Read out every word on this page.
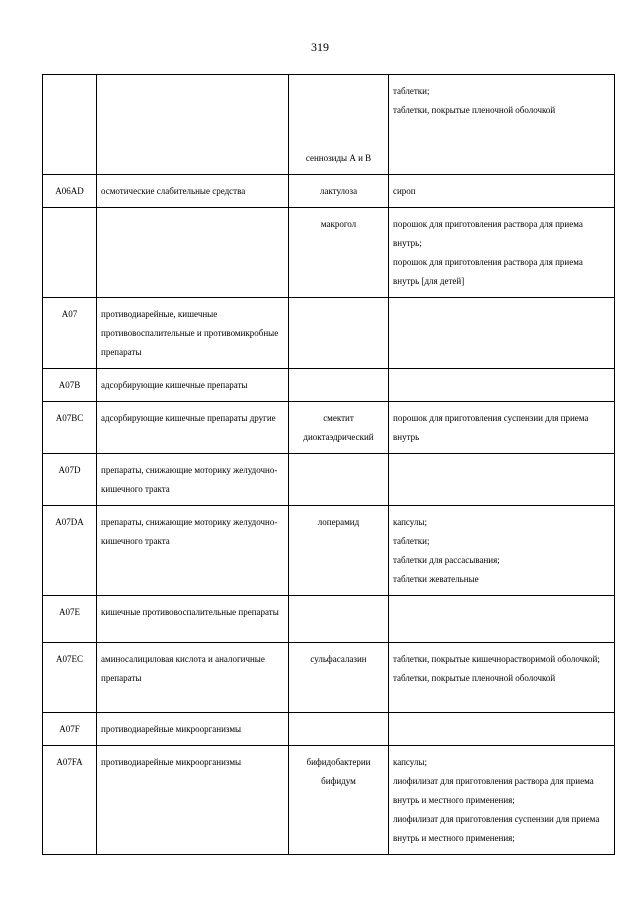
319

		сеннозиды А и В	таблетки;
таблетки, покрытые пленочной оболочкой

A06AD	осмотические слабительные средства	лактулоза	сироп

		макрогол	порошок для приготовления раствора для приема внутрь;
порошок для приготовления раствора для приема внутрь [для детей]

A07	противодиарейные, кишечные противовоспалительные и противомикробные препараты		
A07B	адсорбирующие кишечные препараты		
A07BC	адсорбирующие кишечные препараты другие	смектит диоктаэдрический	порошок для приготовления суспензии для приема внутрь

A07D	препараты, снижающие моторику желудочно-кишечного тракта		
A07DA	препараты, снижающие моторику желудочно-кишечного тракта	лоперамид	капсулы;
таблетки;
таблетки для рассасывания;
таблетки жевательные

A07E	кишечные противовоспалительные препараты		
A07EC	аминосалициловая кислота и аналогичные препараты	сульфасалазин	таблетки, покрытые кишечнорастворимой оболочкой;
таблетки, покрытые пленочной оболочкой

A07F	противодиарейные микроорганизмы		
A07FA	противодиарейные микроорганизмы	бифидобактерии бифидум	капсулы;
лиофилизат для приготовления раствора для приема внутрь и местного применения;
лиофилизат для приготовления суспензии для приема внутрь и местного применения;
